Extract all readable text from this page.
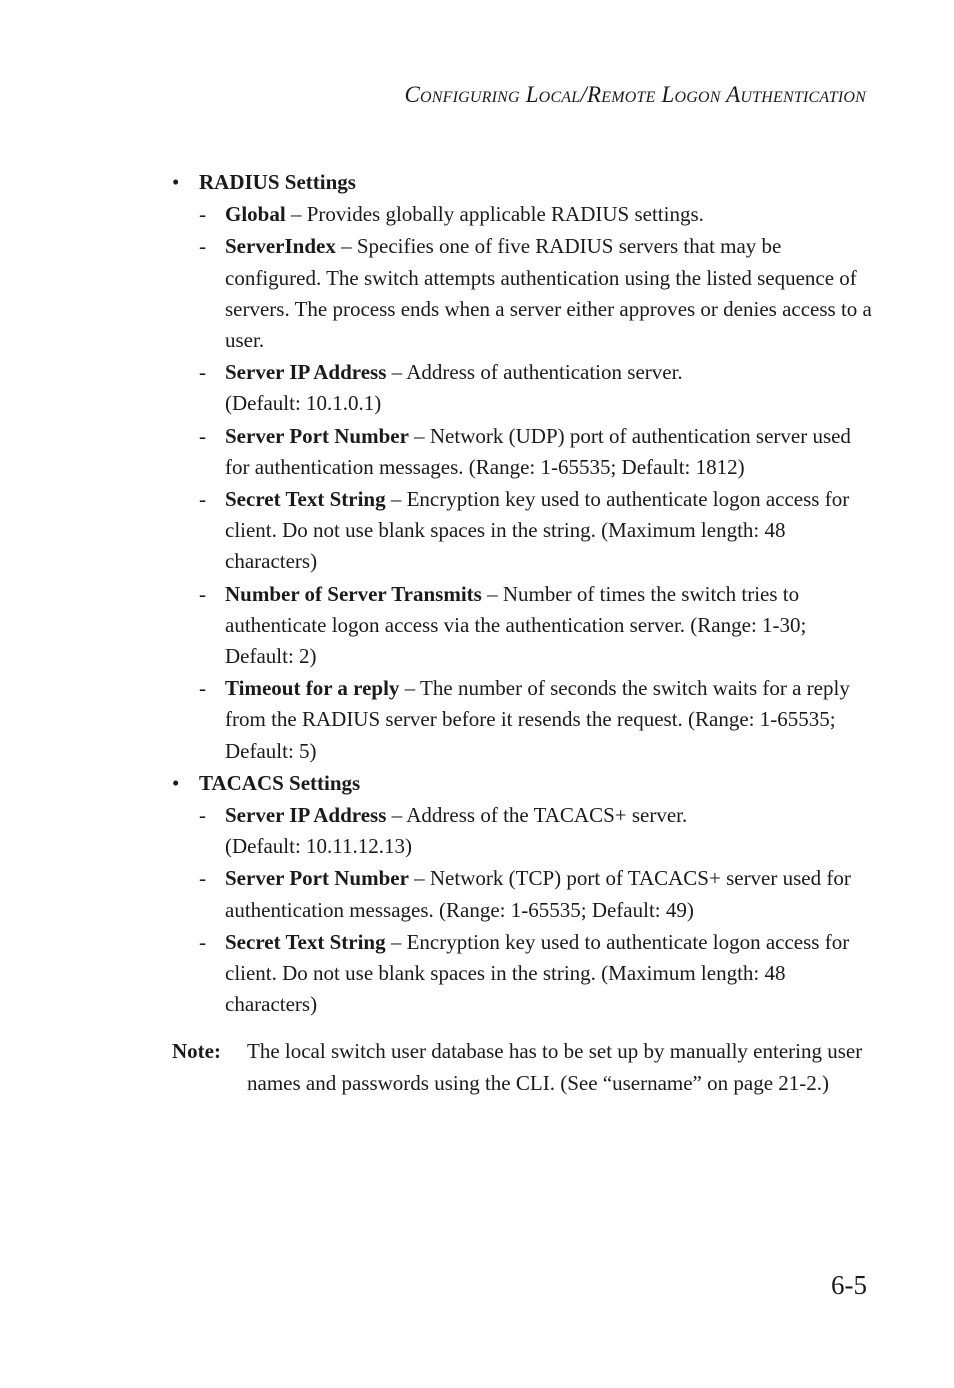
Configuring Local/Remote Logon Authentication
• RADIUS Settings
- Global – Provides globally applicable RADIUS settings.
- ServerIndex – Specifies one of five RADIUS servers that may be configured. The switch attempts authentication using the listed sequence of servers. The process ends when a server either approves or denies access to a user.
- Server IP Address – Address of authentication server.
(Default: 10.1.0.1)
- Server Port Number – Network (UDP) port of authentication server used for authentication messages. (Range: 1-65535; Default: 1812)
- Secret Text String – Encryption key used to authenticate logon access for client. Do not use blank spaces in the string. (Maximum length: 48 characters)
- Number of Server Transmits – Number of times the switch tries to authenticate logon access via the authentication server. (Range: 1-30; Default: 2)
- Timeout for a reply – The number of seconds the switch waits for a reply from the RADIUS server before it resends the request. (Range: 1-65535; Default: 5)
• TACACS Settings
- Server IP Address – Address of the TACACS+ server.
(Default: 10.11.12.13)
- Server Port Number – Network (TCP) port of TACACS+ server used for authentication messages. (Range: 1-65535; Default: 49)
- Secret Text String – Encryption key used to authenticate logon access for client. Do not use blank spaces in the string. (Maximum length: 48 characters)
Note: The local switch user database has to be set up by manually entering user names and passwords using the CLI. (See “username” on page 21-2.)
6-5
